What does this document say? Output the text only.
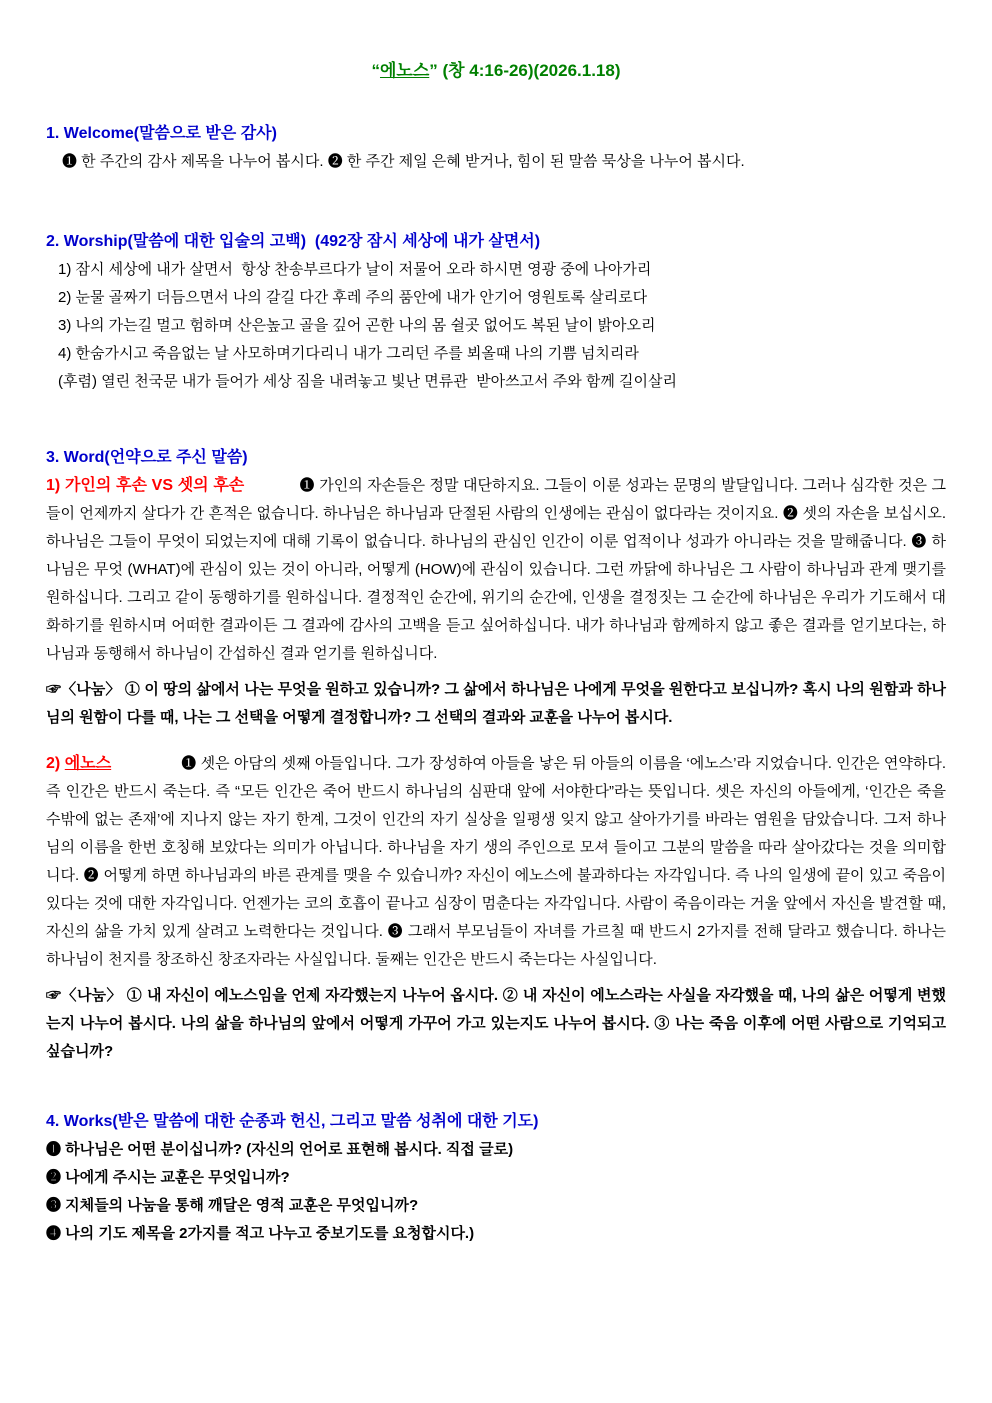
“에노스” (창 4:16-26)(2026.1.18)
1. Welcome(말씀으로 받은 감사)

❶ 한 주간의 감사 제목을 나누어 봅시다. ❷ 한 주간 제일 은혜 받거나, 힘이 된 말씀 묵상을 나누어 봅시다.

2. Worship(말씀에 대한 입술의 고백)  (492장 잠시 세상에 내가 살면서)

1) 잠시 세상에 내가 살면서  항상 찬송부르다가 날이 저물어 오라 하시면 영광 중에 나아가리

2) 눈물 골짜기 더듬으면서 나의 갈길 다간 후레 주의 품안에 내가 안기어 영원토록 살리로다

3) 나의 가는길 멀고 험하며 산은높고 골을 깊어 곤한 나의 몸 쉴곳 없어도 복된 날이 밝아오리

4) 한숨가시고 죽음없는 날 사모하며기다리니 내가 그리던 주를 뵈올때 나의 기쁨 넘치리라

(후렴) 열린 천국문 내가 들어가 세상 짐을 내려놓고 빛난 면류관  받아쓰고서 주와 함께 길이살리

3. Word(언약으로 주신 말씀)

1) 가인의 후손 VS 셋의 후손	❶ 가인의 자손들은 정말 대단하지요. 그들이 이룬 성과는 문명의 발달입니다. 그러나 심각한 것은 그들이 언제까지 살다가 간 흔적은 없습니다. 하나님은 하나님과 단절된 사람의 인생에는 관심이 없다라는 것이지요. ❷ 셋의 자손을 보십시오. 하나님은 그들이 무엇이 되었는지에 대해 기록이 없습니다. 하나님의 관심인 인간이 이룬 업적이나 성과가 아니라는 것을 말해줍니다. ❸ 하나님은 무엇 (WHAT)에 관심이 있는 것이 아니라, 어떻게 (HOW)에 관심이 있습니다. 그런 까닭에 하나님은 그 사람이 하나님과 관계 맺기를 원하십니다. 그리고 같이 동행하기를 원하십니다. 결정적인 순간에, 위기의 순간에, 인생을 결정짓는 그 순간에 하나님은 우리가 기도해서 대화하기를 원하시며 어떠한 결과이든 그 결과에 감사의 고백을 듣고 싶어하십니다. 내가 하나님과 함께하지 않고 좋은 결과를 얻기보다는, 하나님과 동행해서 하나님이 간섭하신 결과 얻기를 원하십니다.

☞〈나눔〉 ① 이 땅의 삶에서 나는 무엇을 원하고 있습니까? 그 삶에서 하나님은 나에게 무엇을 원한다고 보십니까? 혹시 나의 원함과 하나님의 원함이 다를 때, 나는 그 선택을 어떻게 결정합니까? 그 선택의 결과와 교훈을 나누어 봅시다.

2) 에노스	❶ 셋은 아담의 셋째 아들입니다. 그가 장성하여 아들을 낳은 뒤 아들의 이름을 ‘에노스’라 지었습니다. 인간은 연약하다. 즉 인간은 반드시 죽는다. 즉 “모든 인간은 죽어 반드시 하나님의 심판대 앞에 서야한다”라는 뜻입니다. 셋은 자신의 아들에게, ‘인간은 죽을 수밖에 없는 존재’에 지나지 않는 자기 한계, 그것이 인간의 자기 실상을 일평생 잊지 않고 살아가기를 바라는 염원을 담았습니다. 그저 하나님의 이름을 한번 호칭해 보았다는 의미가 아닙니다. 하나님을 자기 생의 주인으로 모셔 들이고 그분의 말씀을 따라 살아갔다는 것을 의미합니다. ❷ 어떻게 하면 하나님과의 바른 관계를 맺을 수 있습니까? 자신이 에노스에 불과하다는 자각입니다. 즉 나의 일생에 끝이 있고 죽음이 있다는 것에 대한 자각입니다. 언젠가는 코의 호흡이 끝나고 심장이 멈춘다는 자각입니다. 사람이 죽음이라는 거울 앞에서 자신을 발견할 때, 자신의 삶을 가치 있게 살려고 노력한다는 것입니다. ❸ 그래서 부모님들이 자녀를 가르칠 때 반드시 2가지를 전해 달라고 했습니다. 하나는 하나님이 천지를 창조하신 창조자라는 사실입니다. 둘째는 인간은 반드시 죽는다는 사실입니다.

☞〈나눔〉 ① 내 자신이 에노스임을 언제 자각했는지 나누어 옵시다. ② 내 자신이 에노스라는 사실을 자각했을 때, 나의 삶은 어떻게 변했는지 나누어 봅시다. 나의 삶을 하나님의 앞에서 어떻게 가꾸어 가고 있는지도 나누어 봅시다. ③ 나는 죽음 이후에 어떤 사람으로 기억되고 싶습니까?

4. Works(받은 말씀에 대한 순종과 헌신, 그리고 말씀 성취에 대한 기도)

❶ 하나님은 어떤 분이십니까? (자신의 언어로 표현해 봅시다. 직접 글로)

❷ 나에게 주시는 교훈은 무엇입니까?

❸ 지체들의 나눔을 통해 깨달은 영적 교훈은 무엇입니까?

❹ 나의 기도 제목을 2가지를 적고 나누고 중보기도를 요청합시다.)
